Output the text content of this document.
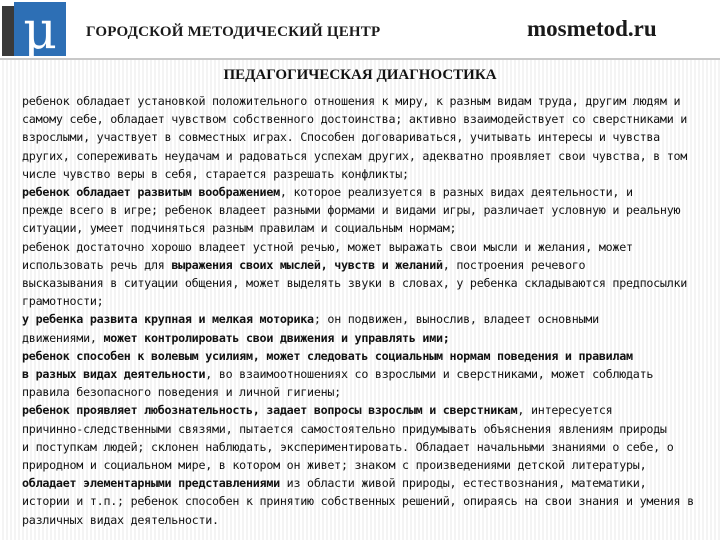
μ ГОРОДСКОЙ МЕТОДИЧЕСКИЙ ЦЕНТР	mosmetod.ru
ПЕДАГОГИЧЕСКАЯ ДИАГНОСТИКА
ребенок обладает установкой положительного отношения к миру, к разным видам труда, другим людям и
самому себе, обладает чувством собственного достоинства; активно взаимодействует со сверстниками и
взрослыми, участвует в совместных играх. Способен договариваться, учитывать интересы и чувства
других, сопереживать неудачам и радоваться успехам других, адекватно проявляет свои чувства, в том
числе чувство веры в себя, старается разрешать конфликты;
ребенок обладает развитым воображением, которое реализуется в разных видах деятельности, и
прежде всего в игре; ребенок владеет разными формами и видами игры, различает условную и реальную
ситуации, умеет подчиняться разным правилам и социальным нормам;
ребенок достаточно хорошо владеет устной речью, может выражать свои мысли и желания, может
использовать речь для выражения своих мыслей, чувств и желаний, построения речевого
высказывания в ситуации общения, может выделять звуки в словах, у ребенка складываются предпосылки
грамотности;
у ребенка развита крупная и мелкая моторика; он подвижен, вынослив, владеет основными
движениями, может контролировать свои движения и управлять ими;
ребенок способен к волевым усилиям, может следовать социальным нормам поведения и правилам
в разных видах деятельности, во взаимоотношениях со взрослыми и сверстниками, может соблюдать
правила безопасного поведения и личной гигиены;
ребенок проявляет любознательность, задает вопросы взрослым и сверстникам, интересуется
причинно-следственными связями, пытается самостоятельно придумывать объяснения явлениям природы
и поступкам людей; склонен наблюдать, экспериментировать. Обладает начальными знаниями о себе, о
природном и социальном мире, в котором он живет; знаком с произведениями детской литературы,
обладает элементарными представлениями из области живой природы, естествознания, математики,
истории и т.п.; ребенок способен к принятию собственных решений, опираясь на свои знания и умения в
различных видах деятельности.
